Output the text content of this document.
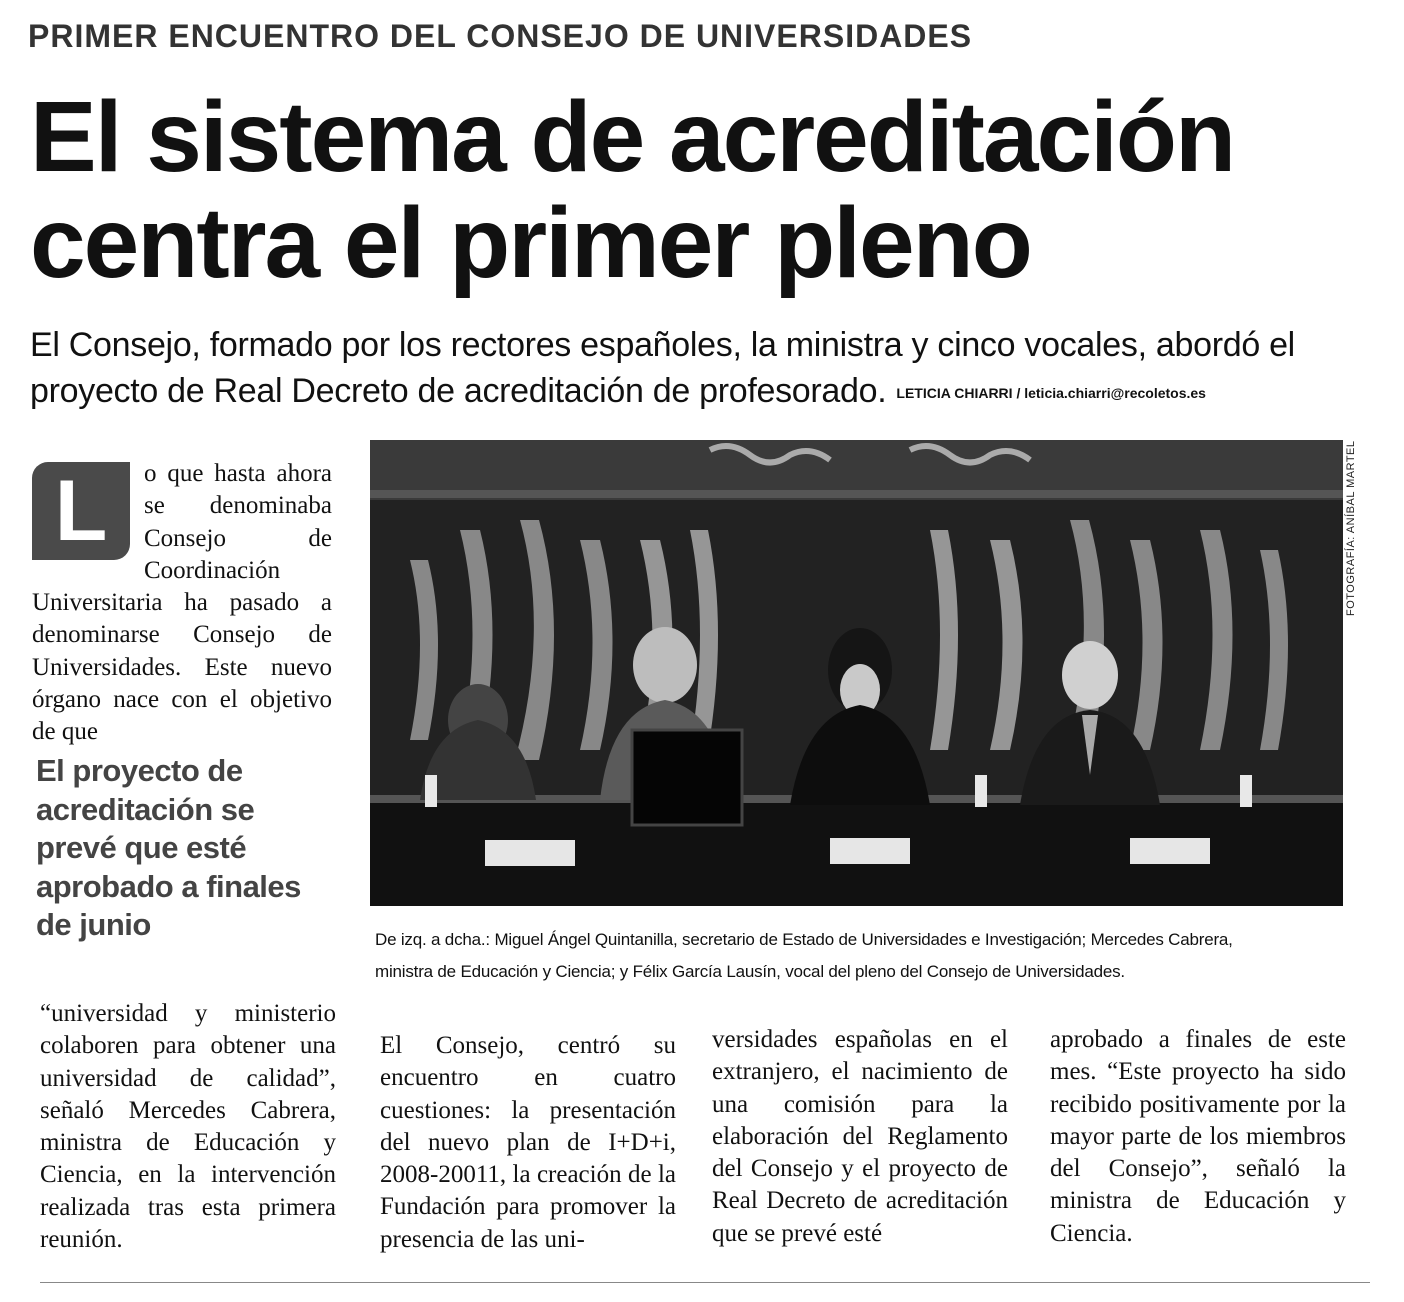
PRIMER ENCUENTRO DEL CONSEJO DE UNIVERSIDADES
El sistema de acreditación
centra el primer pleno
El Consejo, formado por los rectores españoles, la ministra y cinco vocales, abordó el proyecto de Real Decreto de acreditación de profesorado. LETICIA CHIARRI / leticia.chiarri@recoletos.es
L	o que hasta ahora se denominaba Consejo de Coordinación Universitaria ha pasado a denominarse Consejo de Universidades. Este nuevo órgano nace con el objetivo de que
El proyecto de acreditación se prevé que esté aprobado a finales de junio
FOTOGRAFÍA: ANÍBAL MARTEL
De izq. a dcha.: Miguel Ángel Quintanilla, secretario de Estado de Universidades e Investigación; Mercedes Cabrera, ministra de Educación y Ciencia; y Félix García Lausín, vocal del pleno del Consejo de Universidades.
“universidad y ministerio colaboren para obtener una universidad de calidad”, señaló Mercedes Cabrera, ministra de Educación y Ciencia, en la intervención realizada tras esta primera reunión.
El Consejo, centró su encuentro en cuatro cuestiones: la presentación del nuevo plan de I+D+i, 2008-20011, la creación de la Fundación para promover la presencia de las uni-
versidades españolas en el extranjero, el nacimiento de una comisión para la elaboración del Reglamento del Consejo y el proyecto de Real Decreto de acreditación que se prevé esté
aprobado a finales de este mes. “Este proyecto ha sido recibido positivamente por la mayor parte de los miembros del Consejo”, señaló la ministra de Educación y Ciencia.
